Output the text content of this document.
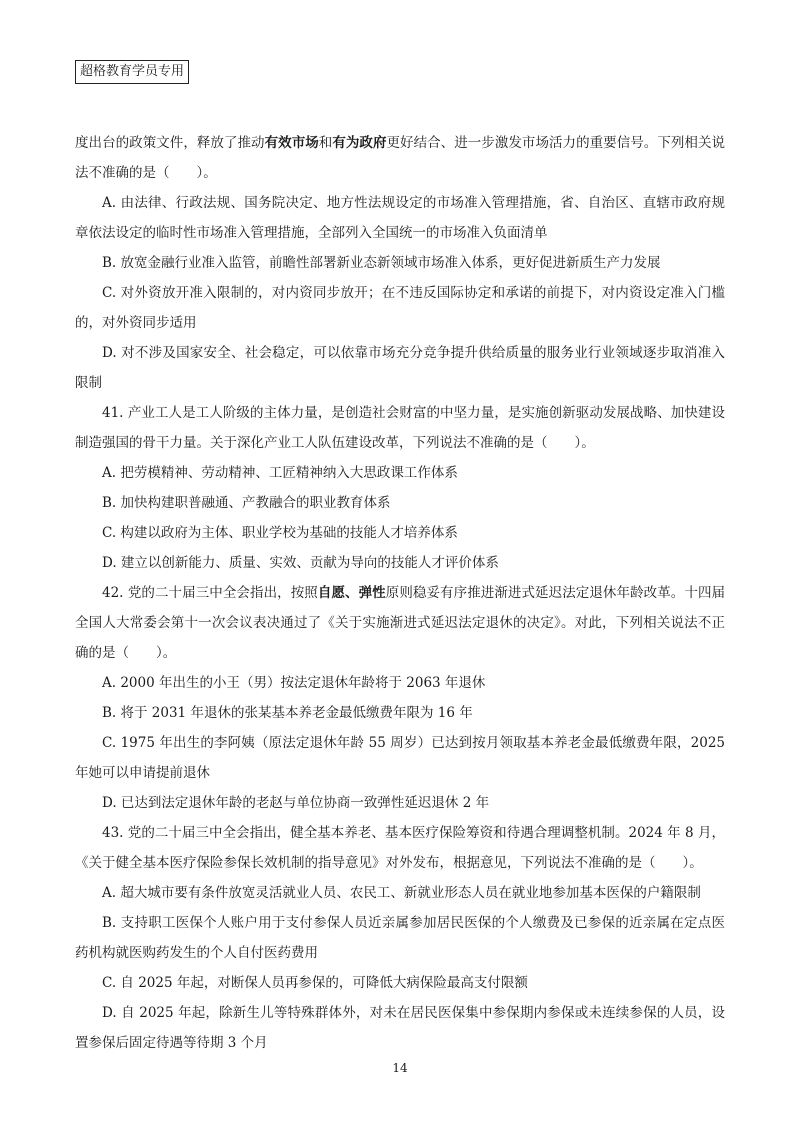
超格教育学员专用

度出台的政策文件，释放了推动有效市场和有为政府更好结合、进一步激发市场活力的重要信号。下列相关说法不准确的是（　　）。

A. 由法律、行政法规、国务院决定、地方性法规设定的市场准入管理措施，省、自治区、直辖市政府规章依法设定的临时性市场准入管理措施，全部列入全国统一的市场准入负面清单

B. 放宽金融行业准入监管，前瞻性部署新业态新领域市场准入体系，更好促进新质生产力发展

C. 对外资放开准入限制的，对内资同步放开；在不违反国际协定和承诺的前提下，对内资设定准入门槛的，对外资同步适用

D. 对不涉及国家安全、社会稳定，可以依靠市场充分竞争提升供给质量的服务业行业领域逐步取消准入限制

41. 产业工人是工人阶级的主体力量，是创造社会财富的中坚力量，是实施创新驱动发展战略、加快建设制造强国的骨干力量。关于深化产业工人队伍建设改革，下列说法不准确的是（　　）。

A. 把劳模精神、劳动精神、工匠精神纳入大思政课工作体系

B. 加快构建职普融通、产教融合的职业教育体系

C. 构建以政府为主体、职业学校为基础的技能人才培养体系

D. 建立以创新能力、质量、实效、贡献为导向的技能人才评价体系

42. 党的二十届三中全会指出，按照自愿、弹性原则稳妥有序推进渐进式延迟法定退休年龄改革。十四届全国人大常委会第十一次会议表决通过了《关于实施渐进式延迟法定退休的决定》。对此，下列相关说法不正确的是（　　）。

A. 2000 年出生的小王（男）按法定退休年龄将于 2063 年退休

B. 将于 2031 年退休的张某基本养老金最低缴费年限为 16 年

C. 1975 年出生的李阿姨（原法定退休年龄 55 周岁）已达到按月领取基本养老金最低缴费年限，2025 年她可以申请提前退休

D. 已达到法定退休年龄的老赵与单位协商一致弹性延迟退休 2 年

43. 党的二十届三中全会指出，健全基本养老、基本医疗保险筹资和待遇合理调整机制。2024 年 8 月，《关于健全基本医疗保险参保长效机制的指导意见》对外发布，根据意见，下列说法不准确的是（　　）。

A. 超大城市要有条件放宽灵活就业人员、农民工、新就业形态人员在就业地参加基本医保的户籍限制

B. 支持职工医保个人账户用于支付参保人员近亲属参加居民医保的个人缴费及已参保的近亲属在定点医药机构就医购药发生的个人自付医药费用

C. 自 2025 年起，对断保人员再参保的，可降低大病保险最高支付限额

D. 自 2025 年起，除新生儿等特殊群体外，对未在居民医保集中参保期内参保或未连续参保的人员，设置参保后固定待遇等待期 3 个月

14
